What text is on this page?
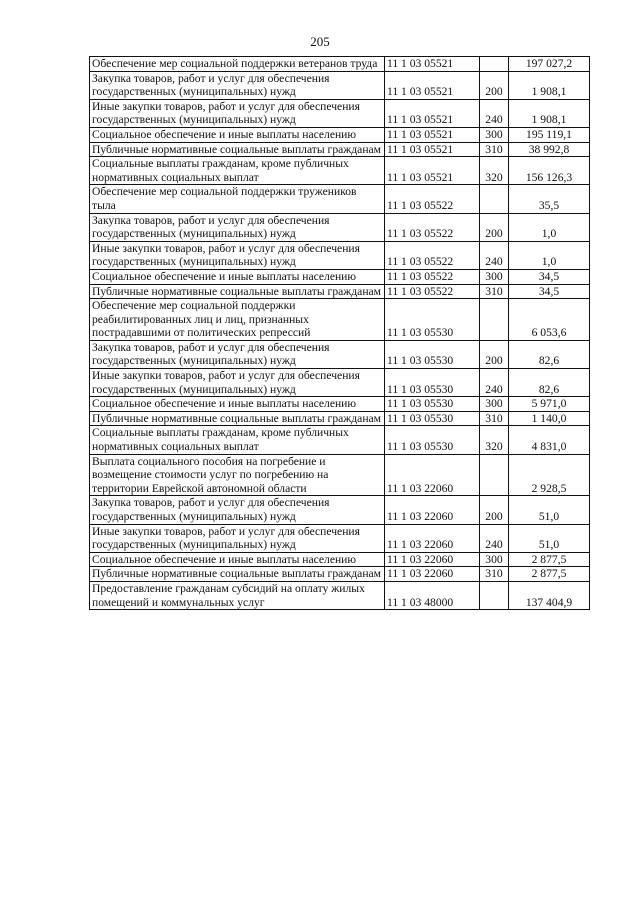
205
Обеспечение мер социальной поддержки ветеранов труда	11 1 03 05521		197 027,2
Закупка товаров, работ и услуг для обеспечения государственных (муниципальных) нужд	11 1 03 05521	200	1 908,1
Иные закупки товаров, работ и услуг для обеспечения государственных (муниципальных) нужд	11 1 03 05521	240	1 908,1
Социальное обеспечение и иные выплаты населению	11 1 03 05521	300	195 119,1
Публичные нормативные социальные выплаты гражданам	11 1 03 05521	310	38 992,8
Социальные выплаты гражданам, кроме публичных нормативных социальных выплат	11 1 03 05521	320	156 126,3
Обеспечение мер социальной поддержки тружеников тыла	11 1 03 05522		35,5
Закупка товаров, работ и услуг для обеспечения государственных (муниципальных) нужд	11 1 03 05522	200	1,0
Иные закупки товаров, работ и услуг для обеспечения государственных (муниципальных) нужд	11 1 03 05522	240	1,0
Социальное обеспечение и иные выплаты населению	11 1 03 05522	300	34,5
Публичные нормативные социальные выплаты гражданам	11 1 03 05522	310	34,5
Обеспечение мер социальной поддержки реабилитированных лиц и лиц, признанных пострадавшими от политических репрессий	11 1 03 05530		6 053,6
Закупка товаров, работ и услуг для обеспечения государственных (муниципальных) нужд	11 1 03 05530	200	82,6
Иные закупки товаров, работ и услуг для обеспечения государственных (муниципальных) нужд	11 1 03 05530	240	82,6
Социальное обеспечение и иные выплаты населению	11 1 03 05530	300	5 971,0
Публичные нормативные социальные выплаты гражданам	11 1 03 05530	310	1 140,0
Социальные выплаты гражданам, кроме публичных нормативных социальных выплат	11 1 03 05530	320	4 831,0
Выплата социального пособия на погребение и возмещение стоимости услуг по погребению на территории Еврейской автономной области	11 1 03 22060		2 928,5
Закупка товаров, работ и услуг для обеспечения государственных (муниципальных) нужд	11 1 03 22060	200	51,0
Иные закупки товаров, работ и услуг для обеспечения государственных (муниципальных) нужд	11 1 03 22060	240	51,0
Социальное обеспечение и иные выплаты населению	11 1 03 22060	300	2 877,5
Публичные нормативные социальные выплаты гражданам	11 1 03 22060	310	2 877,5
Предоставление гражданам субсидий на оплату жилых помещений и коммунальных услуг	11 1 03 48000		137 404,9
